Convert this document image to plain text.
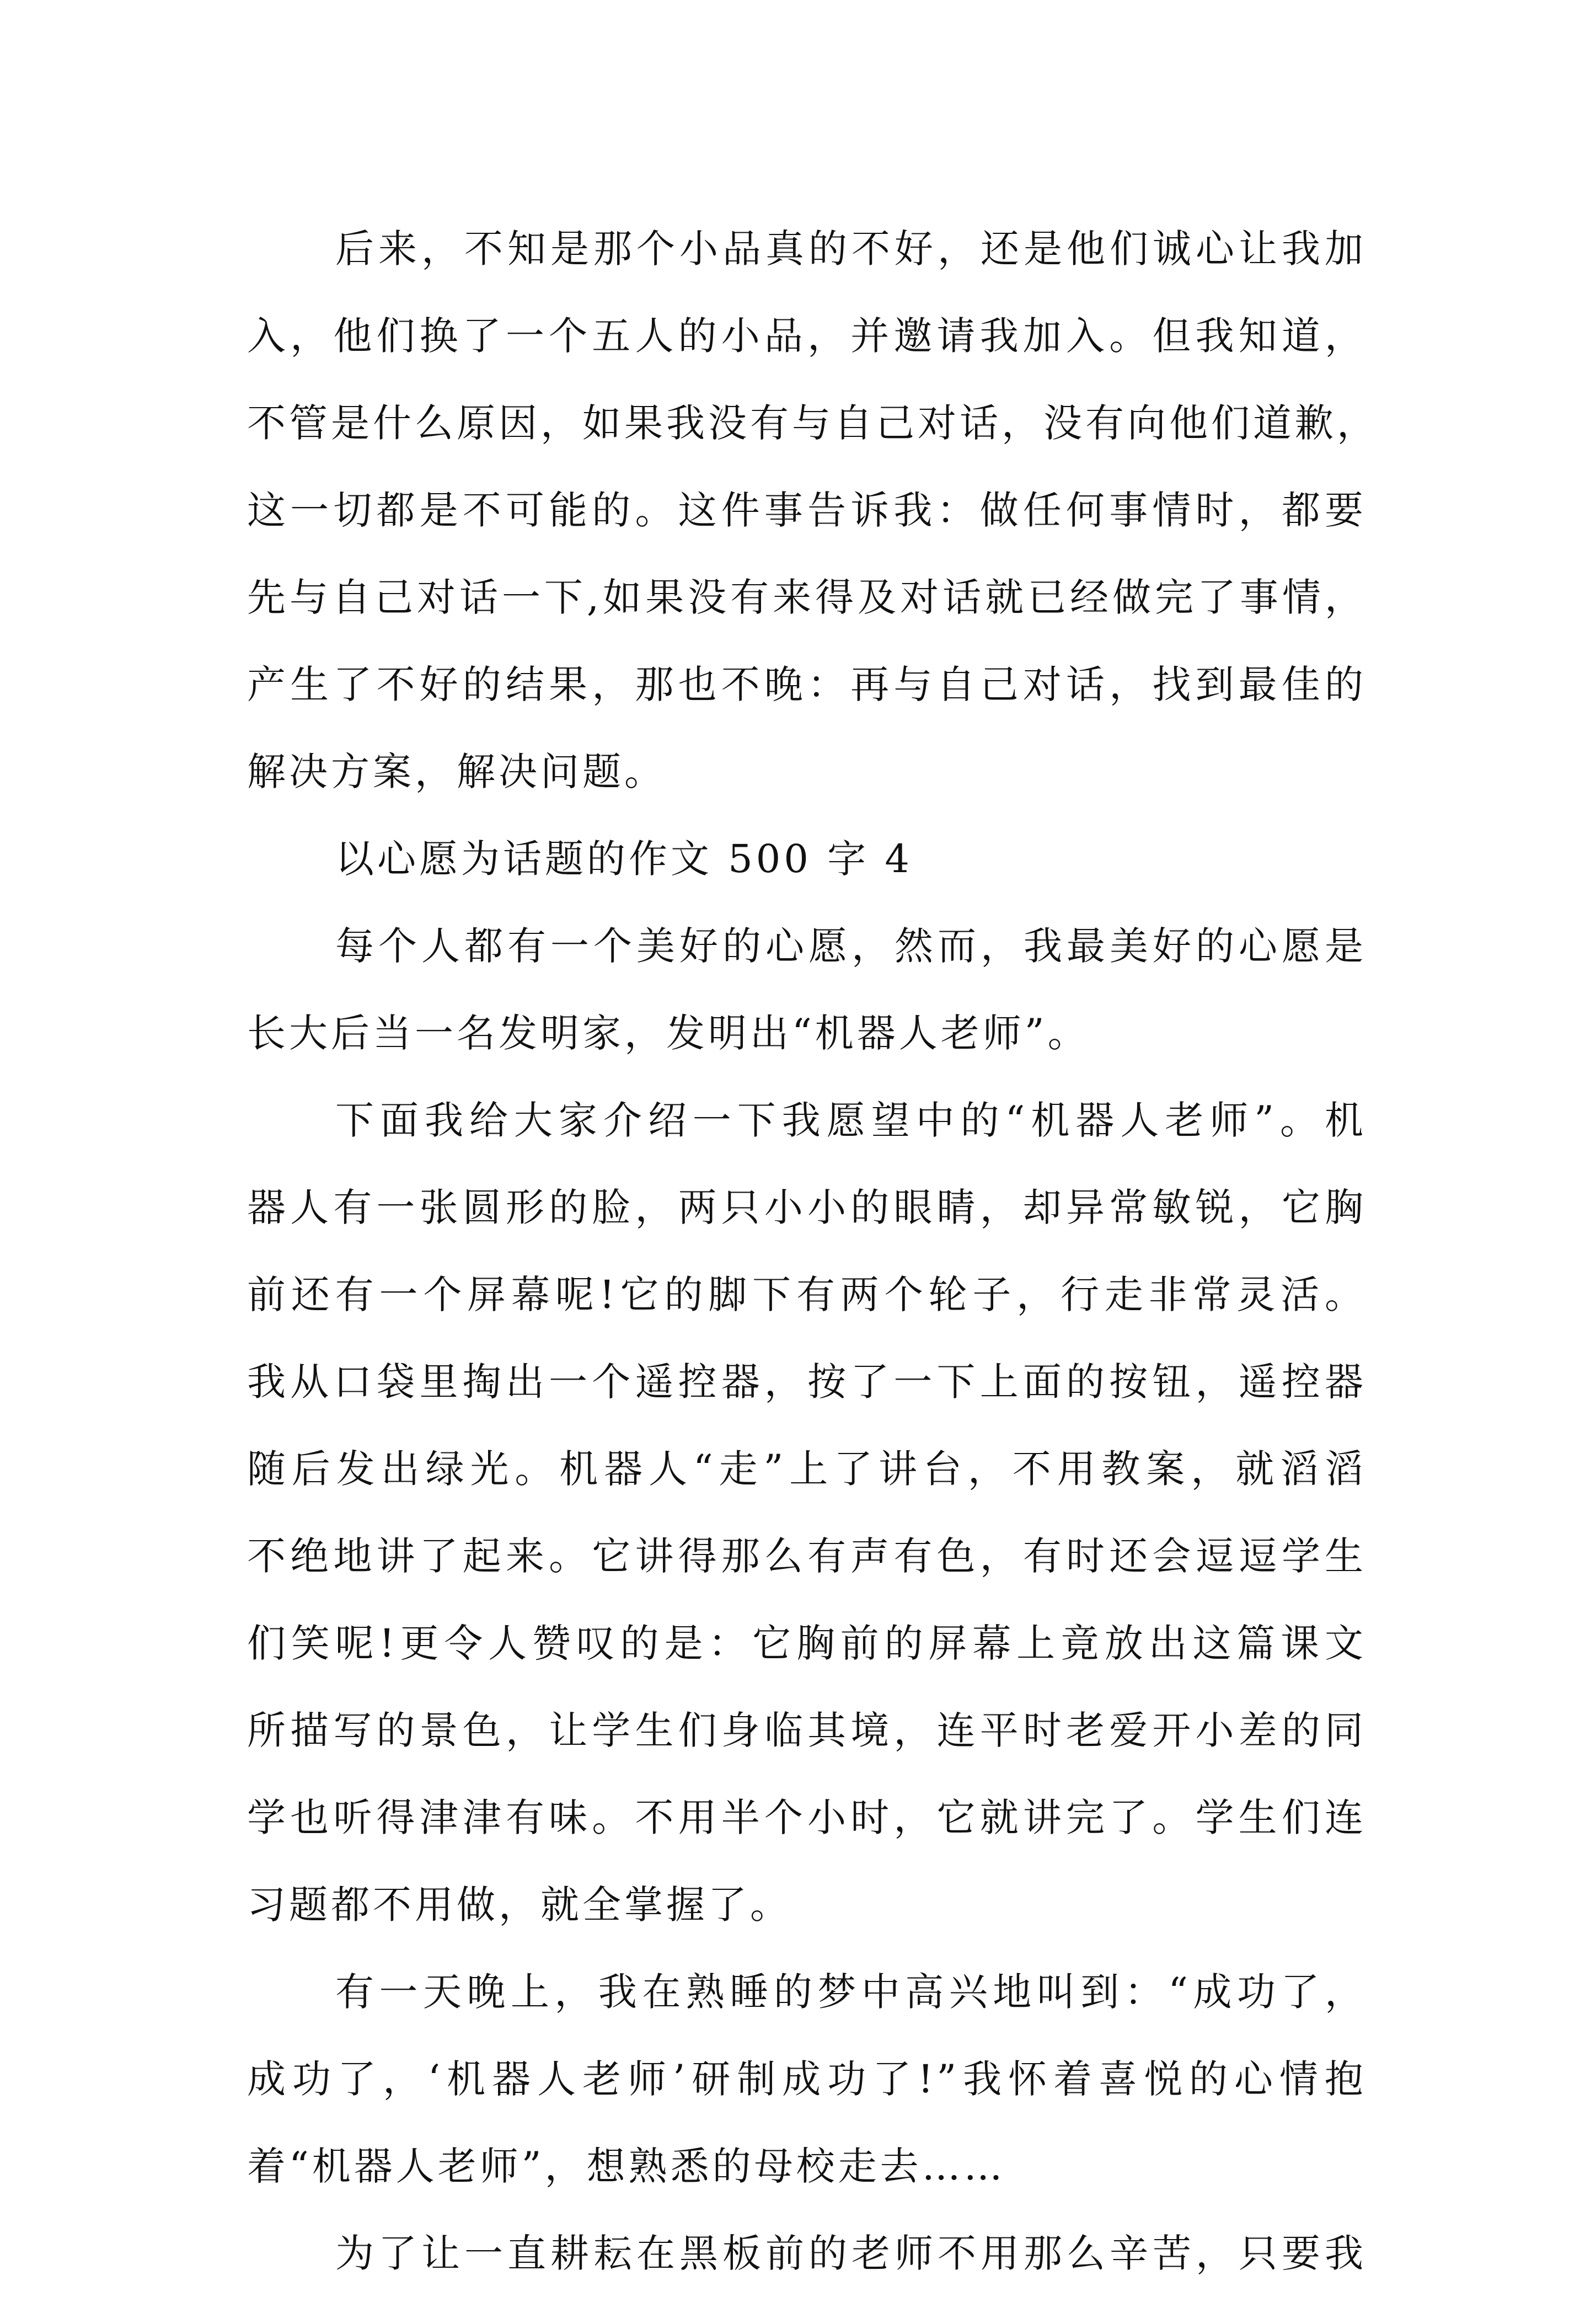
后来，不知是那个小品真的不好，还是他们诚心让我加
入，他们换了一个五人的小品，并邀请我加入。但我知道，
不管是什么原因，如果我没有与自己对话，没有向他们道歉，
这一切都是不可能的。这件事告诉我：做任何事情时，都要
先与自己对话一下,如果没有来得及对话就已经做完了事情，
产生了不好的结果，那也不晚：再与自己对话，找到最佳的
解决方案，解决问题。
以心愿为话题的作文 500 字 4
每个人都有一个美好的心愿，然而，我最美好的心愿是
长大后当一名发明家，发明出“机器人老师”。
下面我给大家介绍一下我愿望中的“机器人老师”。机
器人有一张圆形的脸，两只小小的眼睛，却异常敏锐，它胸
前还有一个屏幕呢!它的脚下有两个轮子，行走非常灵活。
我从口袋里掏出一个遥控器，按了一下上面的按钮，遥控器
随后发出绿光。机器人“走”上了讲台，不用教案，就滔滔
不绝地讲了起来。它讲得那么有声有色，有时还会逗逗学生
们笑呢!更令人赞叹的是：它胸前的屏幕上竟放出这篇课文
所描写的景色，让学生们身临其境，连平时老爱开小差的同
学也听得津津有味。不用半个小时，它就讲完了。学生们连
习题都不用做，就全掌握了。
有一天晚上，我在熟睡的梦中高兴地叫到：“成功了，
成功了，‘机器人老师’研制成功了!”我怀着喜悦的心情抱
着“机器人老师”，想熟悉的母校走去……
为了让一直耕耘在黑板前的老师不用那么辛苦，只要我
